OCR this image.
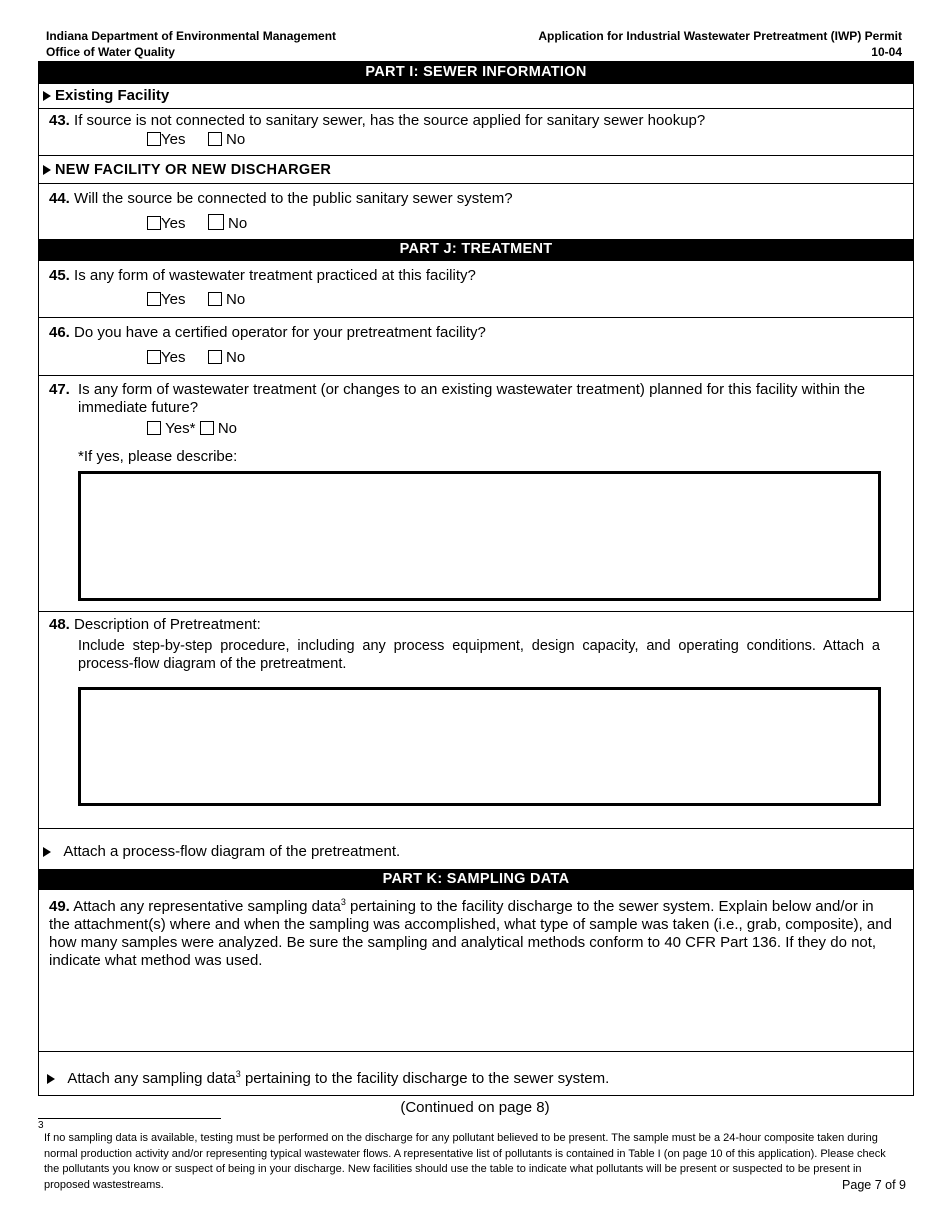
Indiana Department of Environmental Management
Office of Water Quality
Application for Industrial Wastewater Pretreatment (IWP) Permit
10-04
PART I: SEWER INFORMATION
Existing Facility
43. If source is not connected to sanitary sewer, has the source applied for sanitary sewer hookup?
Yes	No
NEW FACILITY OR NEW DISCHARGER
44. Will the source be connected to the public sanitary sewer system?
Yes	No
PART J: TREATMENT
45. Is any form of wastewater treatment practiced at this facility?
Yes	No
46. Do you have a certified operator for your pretreatment facility?
Yes	No
47. Is any form of wastewater treatment (or changes to an existing wastewater treatment) planned for this facility within the immediate future?
Yes* No
*If yes, please describe:
48. Description of Pretreatment:
Include step-by-step procedure, including any process equipment, design capacity, and operating conditions. Attach a process-flow diagram of the pretreatment.
Attach a process-flow diagram of the pretreatment.
PART K: SAMPLING DATA
49. Attach any representative sampling data$^3$ pertaining to the facility discharge to the sewer system. Explain below and/or in the attachment(s) where and when the sampling was accomplished, what type of sample was taken (i.e., grab, composite), and how many samples were analyzed. Be sure the sampling and analytical methods conform to 40 CFR Part 136. If they do not, indicate what method was used.
Attach any sampling data$^3$ pertaining to the facility discharge to the sewer system.
(Continued on page 8)
3
If no sampling data is available, testing must be performed on the discharge for any pollutant believed to be present. The sample must be a 24-hour composite taken during normal production activity and/or representing typical wastewater flows. A representative list of pollutants is contained in Table I (on page 10 of this application). Please check the pollutants you know or suspect of being in your discharge. New facilities should use the table to indicate what pollutants will be present or suspected to be present in proposed wastestreams.	Page 7 of 9
